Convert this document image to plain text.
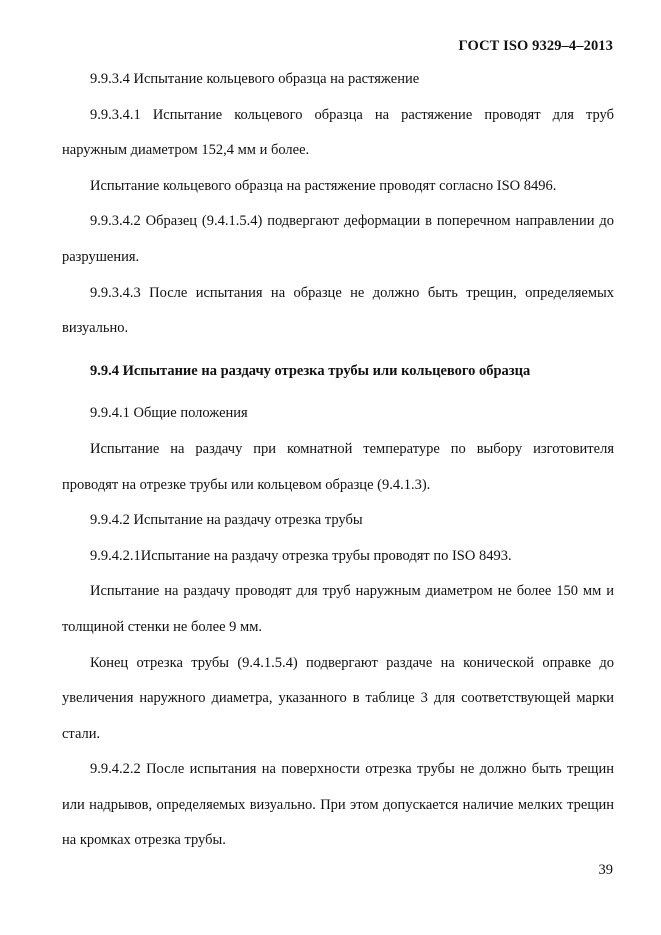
ГОСТ ISO 9329–4–2013

9.9.3.4 Испытание кольцевого образца на растяжение

9.9.3.4.1 Испытание кольцевого образца на растяжение проводят для труб наружным диаметром 152,4 мм и более.

Испытание кольцевого образца на растяжение проводят согласно ISO 8496.

9.9.3.4.2 Образец (9.4.1.5.4) подвергают деформации в поперечном направлении до разрушения.

9.9.3.4.3 После испытания на образце не должно быть трещин, определяемых визуально.

9.9.4 Испытание на раздачу отрезка трубы или кольцевого образца

9.9.4.1 Общие положения

Испытание на раздачу при комнатной температуре по выбору изготовителя проводят на отрезке трубы или кольцевом образце (9.4.1.3).

9.9.4.2 Испытание на раздачу отрезка трубы

9.9.4.2.1Испытание на раздачу отрезка трубы проводят по ISO 8493.

Испытание на раздачу проводят для труб наружным диаметром не более 150 мм и толщиной стенки не более 9 мм.

Конец отрезка трубы (9.4.1.5.4) подвергают раздаче на конической оправке до увеличения наружного диаметра, указанного в таблице 3 для соответствующей марки стали.

9.9.4.2.2 После испытания на поверхности отрезка трубы не должно быть трещин или надрывов, определяемых визуально. При этом допускается наличие мелких трещин на кромках отрезка трубы.

39
